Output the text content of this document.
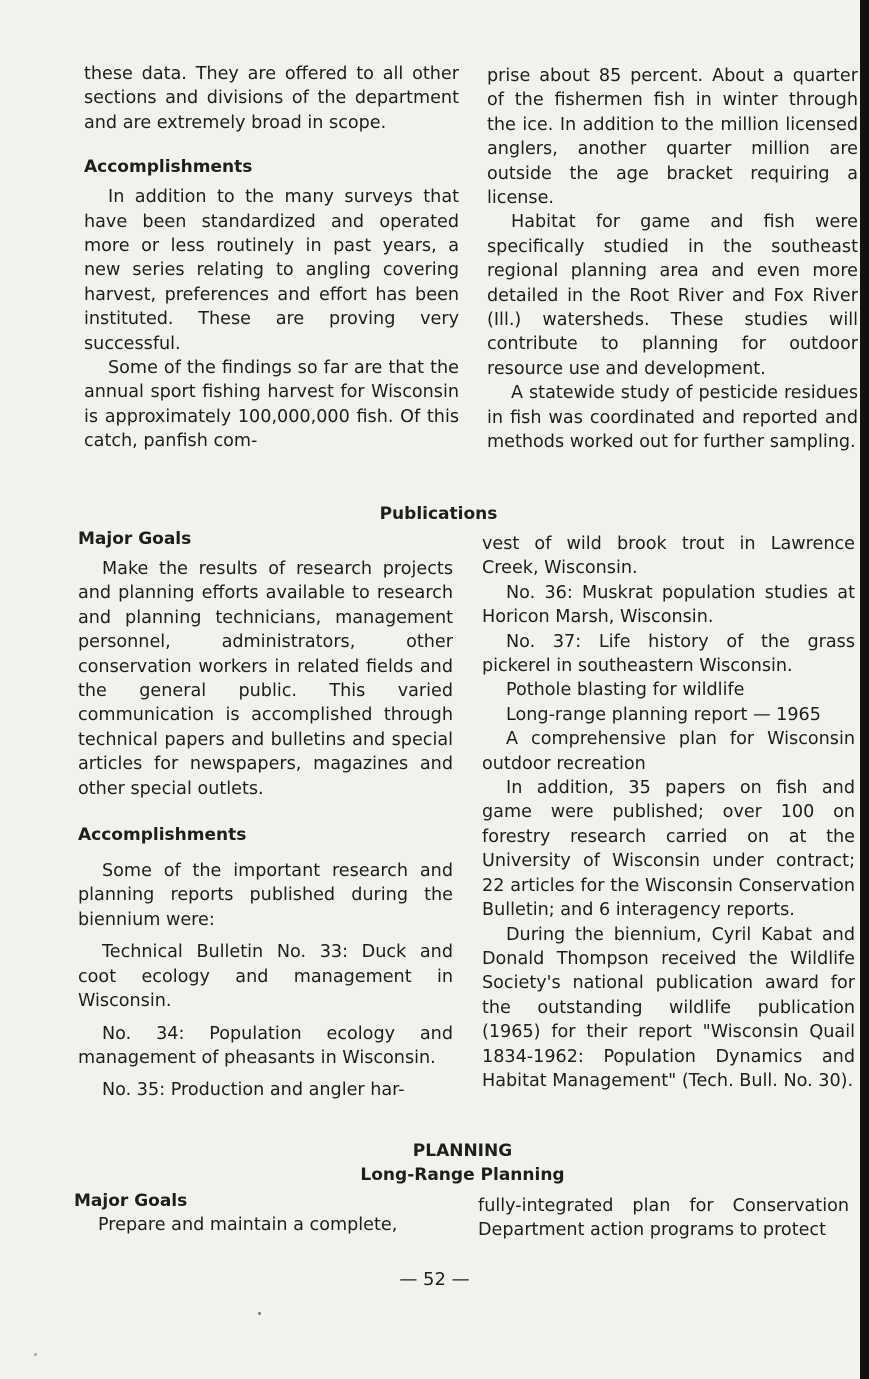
these data. They are offered to all other sections and divisions of the department and are extremely broad in scope.

Accomplishments

In addition to the many surveys that have been standardized and operated more or less routinely in past years, a new series relating to angling covering harvest, preferences and effort has been instituted. These are proving very successful.

Some of the findings so far are that the annual sport fishing harvest for Wisconsin is approximately 100,000,000 fish. Of this catch, panfish com-

prise about 85 percent. About a quarter of the fishermen fish in winter through the ice. In addition to the million licensed anglers, another quarter million are outside the age bracket requiring a license.

Habitat for game and fish were specifically studied in the southeast regional planning area and even more detailed in the Root River and Fox River (Ill.) watersheds. These studies will contribute to planning for outdoor resource use and development.

A statewide study of pesticide residues in fish was coordinated and reported and methods worked out for further sampling.

Publications
Major Goals

Make the results of research projects and planning efforts available to research and planning technicians, management personnel, administrators, other conservation workers in related fields and the general public. This varied communication is accomplished through technical papers and bulletins and special articles for newspapers, magazines and other special outlets.

Accomplishments

Some of the important research and planning reports published during the biennium were:

Technical Bulletin No. 33: Duck and coot ecology and management in Wisconsin.

No. 34: Population ecology and management of pheasants in Wisconsin.

No. 35: Production and angler har-

vest of wild brook trout in Lawrence Creek, Wisconsin.

No. 36: Muskrat population studies at Horicon Marsh, Wisconsin.

No. 37: Life history of the grass pickerel in southeastern Wisconsin.

Pothole blasting for wildlife

Long-range planning report — 1965

A comprehensive plan for Wisconsin outdoor recreation

In addition, 35 papers on fish and game were published; over 100 on forestry research carried on at the University of Wisconsin under contract; 22 articles for the Wisconsin Conservation Bulletin; and 6 interagency reports.

During the biennium, Cyril Kabat and Donald Thompson received the Wildlife Society's national publication award for the outstanding wildlife publication (1965) for their report "Wisconsin Quail 1834-1962: Population Dynamics and Habitat Management" (Tech. Bull. No. 30).

PLANNING
Long-Range Planning
Major Goals

Prepare and maintain a complete,

fully-integrated plan for Conservation Department action programs to protect

— 52 —
